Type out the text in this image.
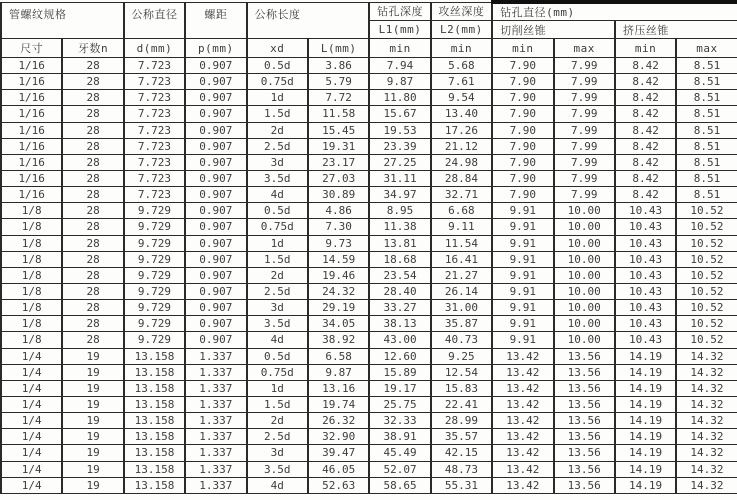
管螺纹规格		公称直径	螺距	公称长度		钻孔深度	攻丝深度	钻孔直径(mm)			
						L1(mm)	L2(mm)	切削丝锥		挤压丝锥	
尺寸	牙数n	d(mm)	p(mm)	xd	L(mm)	min	min	min	max	min	max
1/16	28	7.723	0.907	0.5d	3.86	7.94	5.68	7.90	7.99	8.42	8.51
1/16	28	7.723	0.907	0.75d	5.79	9.87	7.61	7.90	7.99	8.42	8.51
1/16	28	7.723	0.907	1d	7.72	11.80	9.54	7.90	7.99	8.42	8.51
1/16	28	7.723	0.907	1.5d	11.58	15.67	13.40	7.90	7.99	8.42	8.51
1/16	28	7.723	0.907	2d	15.45	19.53	17.26	7.90	7.99	8.42	8.51
1/16	28	7.723	0.907	2.5d	19.31	23.39	21.12	7.90	7.99	8.42	8.51
1/16	28	7.723	0.907	3d	23.17	27.25	24.98	7.90	7.99	8.42	8.51
1/16	28	7.723	0.907	3.5d	27.03	31.11	28.84	7.90	7.99	8.42	8.51
1/16	28	7.723	0.907	4d	30.89	34.97	32.71	7.90	7.99	8.42	8.51
1/8	28	9.729	0.907	0.5d	4.86	8.95	6.68	9.91	10.00	10.43	10.52
1/8	28	9.729	0.907	0.75d	7.30	11.38	9.11	9.91	10.00	10.43	10.52
1/8	28	9.729	0.907	1d	9.73	13.81	11.54	9.91	10.00	10.43	10.52
1/8	28	9.729	0.907	1.5d	14.59	18.68	16.41	9.91	10.00	10.43	10.52
1/8	28	9.729	0.907	2d	19.46	23.54	21.27	9.91	10.00	10.43	10.52
1/8	28	9.729	0.907	2.5d	24.32	28.40	26.14	9.91	10.00	10.43	10.52
1/8	28	9.729	0.907	3d	29.19	33.27	31.00	9.91	10.00	10.43	10.52
1/8	28	9.729	0.907	3.5d	34.05	38.13	35.87	9.91	10.00	10.43	10.52
1/8	28	9.729	0.907	4d	38.92	43.00	40.73	9.91	10.00	10.43	10.52
1/4	19	13.158	1.337	0.5d	6.58	12.60	9.25	13.42	13.56	14.19	14.32
1/4	19	13.158	1.337	0.75d	9.87	15.89	12.54	13.42	13.56	14.19	14.32
1/4	19	13.158	1.337	1d	13.16	19.17	15.83	13.42	13.56	14.19	14.32
1/4	19	13.158	1.337	1.5d	19.74	25.75	22.41	13.42	13.56	14.19	14.32
1/4	19	13.158	1.337	2d	26.32	32.33	28.99	13.42	13.56	14.19	14.32
1/4	19	13.158	1.337	2.5d	32.90	38.91	35.57	13.42	13.56	14.19	14.32
1/4	19	13.158	1.337	3d	39.47	45.49	42.15	13.42	13.56	14.19	14.32
1/4	19	13.158	1.337	3.5d	46.05	52.07	48.73	13.42	13.56	14.19	14.32
1/4	19	13.158	1.337	4d	52.63	58.65	55.31	13.42	13.56	14.19	14.32
